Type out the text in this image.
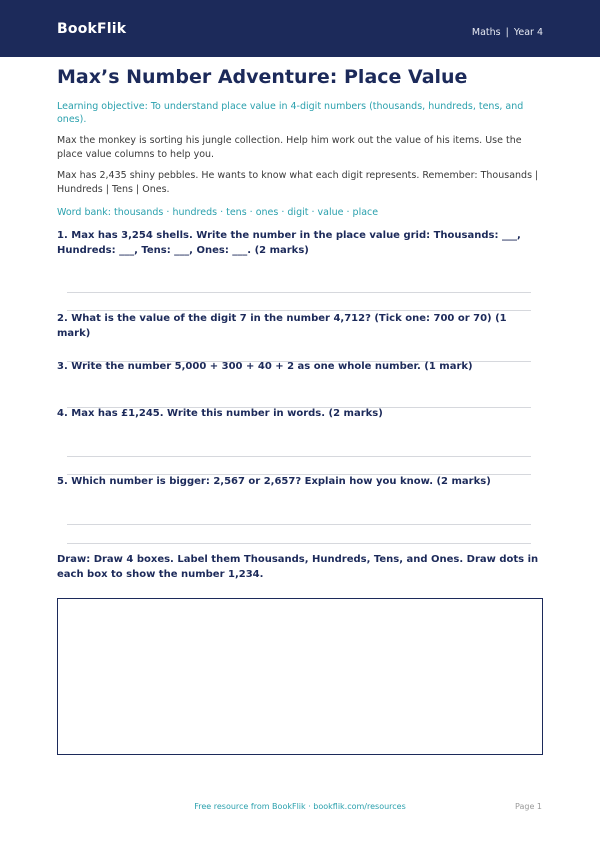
BookFlik	Maths | Year 4
Max’s Number Adventure: Place Value

Learning objective: To understand place value in 4-digit numbers (thousands, hundreds, tens, and ones).

Max the monkey is sorting his jungle collection. Help him work out the value of his items. Use the place value columns to help you.

Max has 2,435 shiny pebbles. He wants to know what each digit represents. Remember: Thousands | Hundreds | Tens | Ones.

Word bank: thousands · hundreds · tens · ones · digit · value · place

1. Max has 3,254 shells. Write the number in the place value grid: Thousands: ___, Hundreds: ___, Tens: ___, Ones: ___. (2 marks)
2. What is the value of the digit 7 in the number 4,712? (Tick one: 700 or 70) (1 mark)
3. Write the number 5,000 + 300 + 40 + 2 as one whole number. (1 mark)
4. Max has £1,245. Write this number in words. (2 marks)
5. Which number is bigger: 2,567 or 2,657? Explain how you know. (2 marks)
Draw: Draw 4 boxes. Label them Thousands, Hundreds, Tens, and Ones. Draw dots in each box to show the number 1,234.
Free resource from BookFlik · bookflik.com/resources	Page 1
